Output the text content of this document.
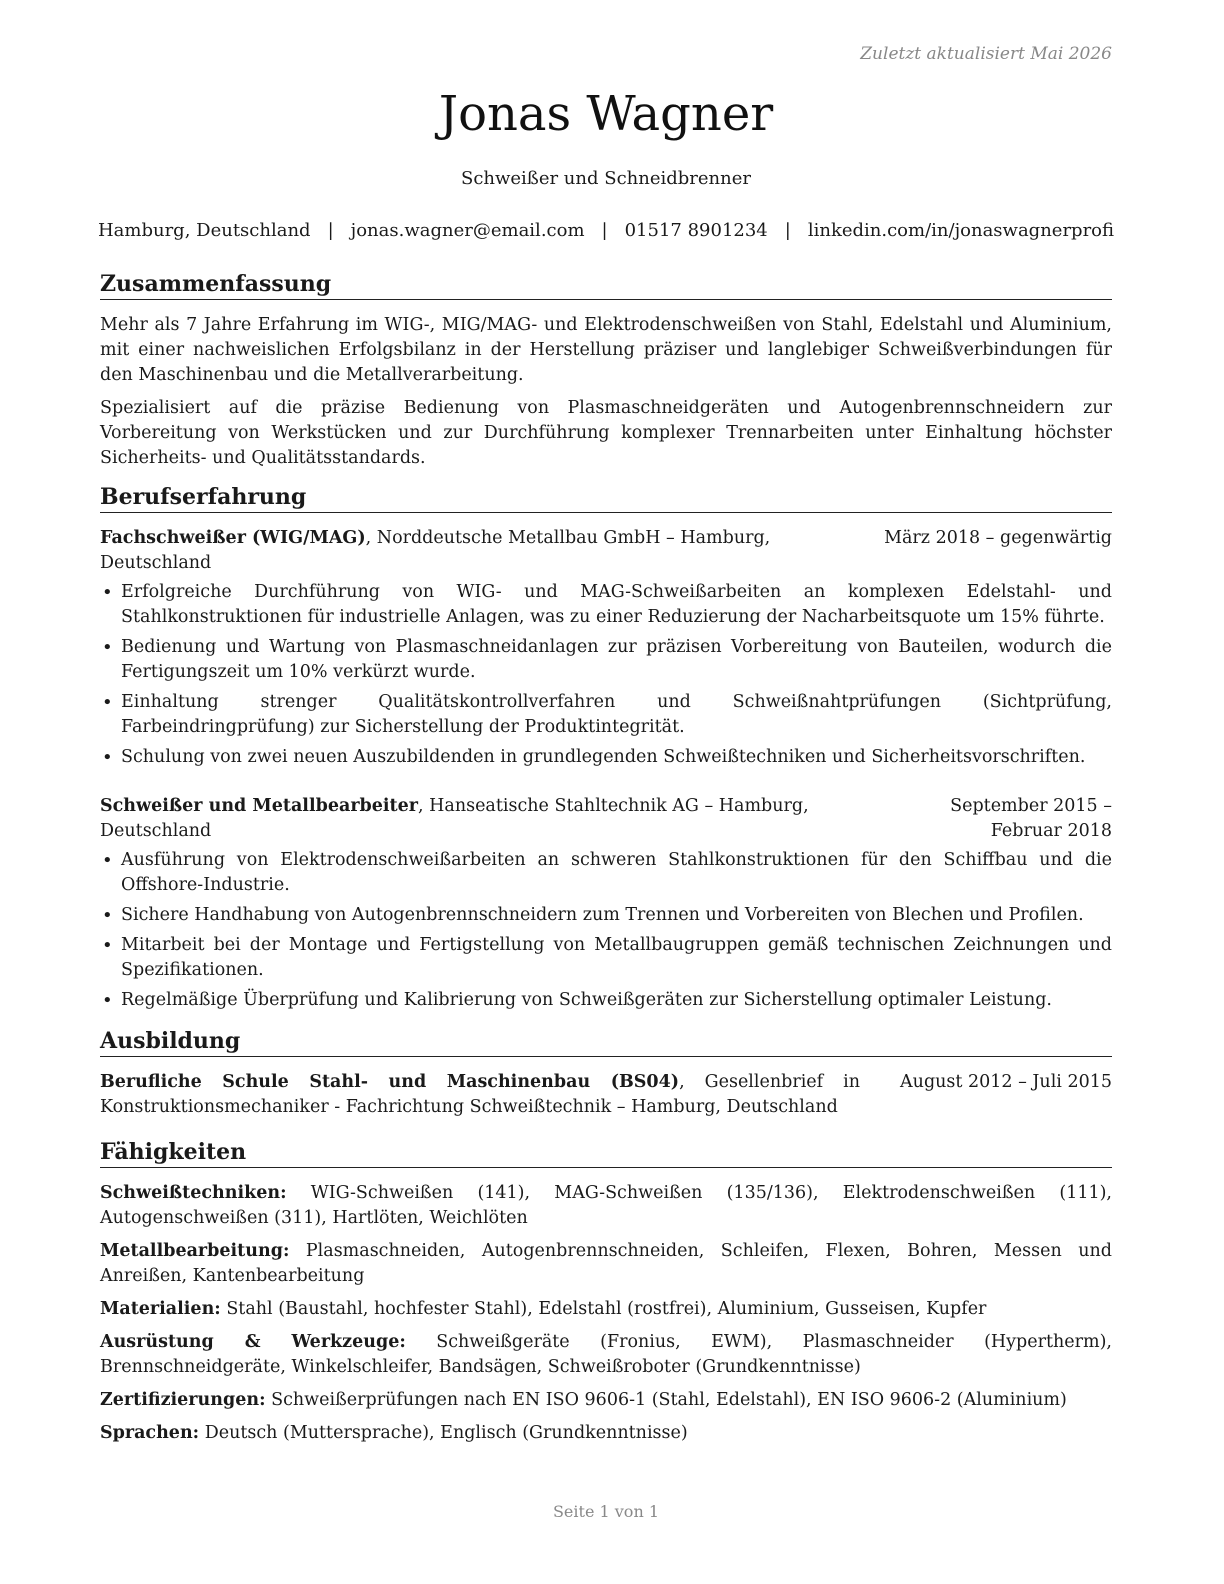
Zuletzt aktualisiert Mai 2026
Jonas Wagner
Schweißer und Schneidbrenner
Hamburg, Deutschland | jonas.wagner@email.com | 01517 8901234 | linkedin.com/in/jonaswagnerprofi
Zusammenfassung

Mehr als 7 Jahre Erfahrung im WIG-, MIG/MAG- und Elektrodenschweißen von Stahl, Edelstahl und Aluminium, mit einer nachweislichen Erfolgsbilanz in der Herstellung präziser und langlebiger Schweißverbindungen für den Maschinenbau und die Metallverarbeitung.

Spezialisiert auf die präzise Bedienung von Plasmaschneidgeräten und Autogenbrennschneidern zur Vorbereitung von Werkstücken und zur Durchführung komplexer Trennarbeiten unter Einhaltung höchster Sicherheits- und Qualitätsstandards.

Berufserfahrung
Fachschweißer (WIG/MAG), Norddeutsche Metallbau GmbH – Hamburg, Deutschland
März 2018 – gegenwärtig
• Erfolgreiche Durchführung von WIG- und MAG-Schweißarbeiten an komplexen Edelstahl- und Stahlkonstruktionen für industrielle Anlagen, was zu einer Reduzierung der Nacharbeitsquote um 15% führte.
• Bedienung und Wartung von Plasmaschneidanlagen zur präzisen Vorbereitung von Bauteilen, wodurch die Fertigungszeit um 10% verkürzt wurde.
• Einhaltung strenger Qualitätskontrollverfahren und Schweißnahtprüfungen (Sichtprüfung, Farbeindringprüfung) zur Sicherstellung der Produktintegrität.
• Schulung von zwei neuen Auszubildenden in grundlegenden Schweißtechniken und Sicherheitsvorschriften.
Schweißer und Metallbearbeiter, Hanseatische Stahltechnik AG – Hamburg, Deutschland
September 2015 – Februar 2018
• Ausführung von Elektrodenschweißarbeiten an schweren Stahlkonstruktionen für den Schiffbau und die Offshore-Industrie.
• Sichere Handhabung von Autogenbrennschneidern zum Trennen und Vorbereiten von Blechen und Profilen.
• Mitarbeit bei der Montage und Fertigstellung von Metallbaugruppen gemäß technischen Zeichnungen und Spezifikationen.
• Regelmäßige Überprüfung und Kalibrierung von Schweißgeräten zur Sicherstellung optimaler Leistung.
Ausbildung
Berufliche Schule Stahl- und Maschinenbau (BS04), Gesellenbrief in Konstruktionsmechaniker - Fachrichtung Schweißtechnik – Hamburg, Deutschland
August 2012 – Juli 2015
Fähigkeiten

Schweißtechniken: WIG-Schweißen (141), MAG-Schweißen (135/136), Elektrodenschweißen (111), Autogenschweißen (311), Hartlöten, Weichlöten

Metallbearbeitung: Plasmaschneiden, Autogenbrennschneiden, Schleifen, Flexen, Bohren, Messen und Anreißen, Kantenbearbeitung

Materialien: Stahl (Baustahl, hochfester Stahl), Edelstahl (rostfrei), Aluminium, Gusseisen, Kupfer

Ausrüstung & Werkzeuge: Schweißgeräte (Fronius, EWM), Plasmaschneider (Hypertherm), Brennschneidgeräte, Winkelschleifer, Bandsägen, Schweißroboter (Grundkenntnisse)

Zertifizierungen: Schweißerprüfungen nach EN ISO 9606-1 (Stahl, Edelstahl), EN ISO 9606-2 (Aluminium)

Sprachen: Deutsch (Muttersprache), Englisch (Grundkenntnisse)

Seite 1 von 1
